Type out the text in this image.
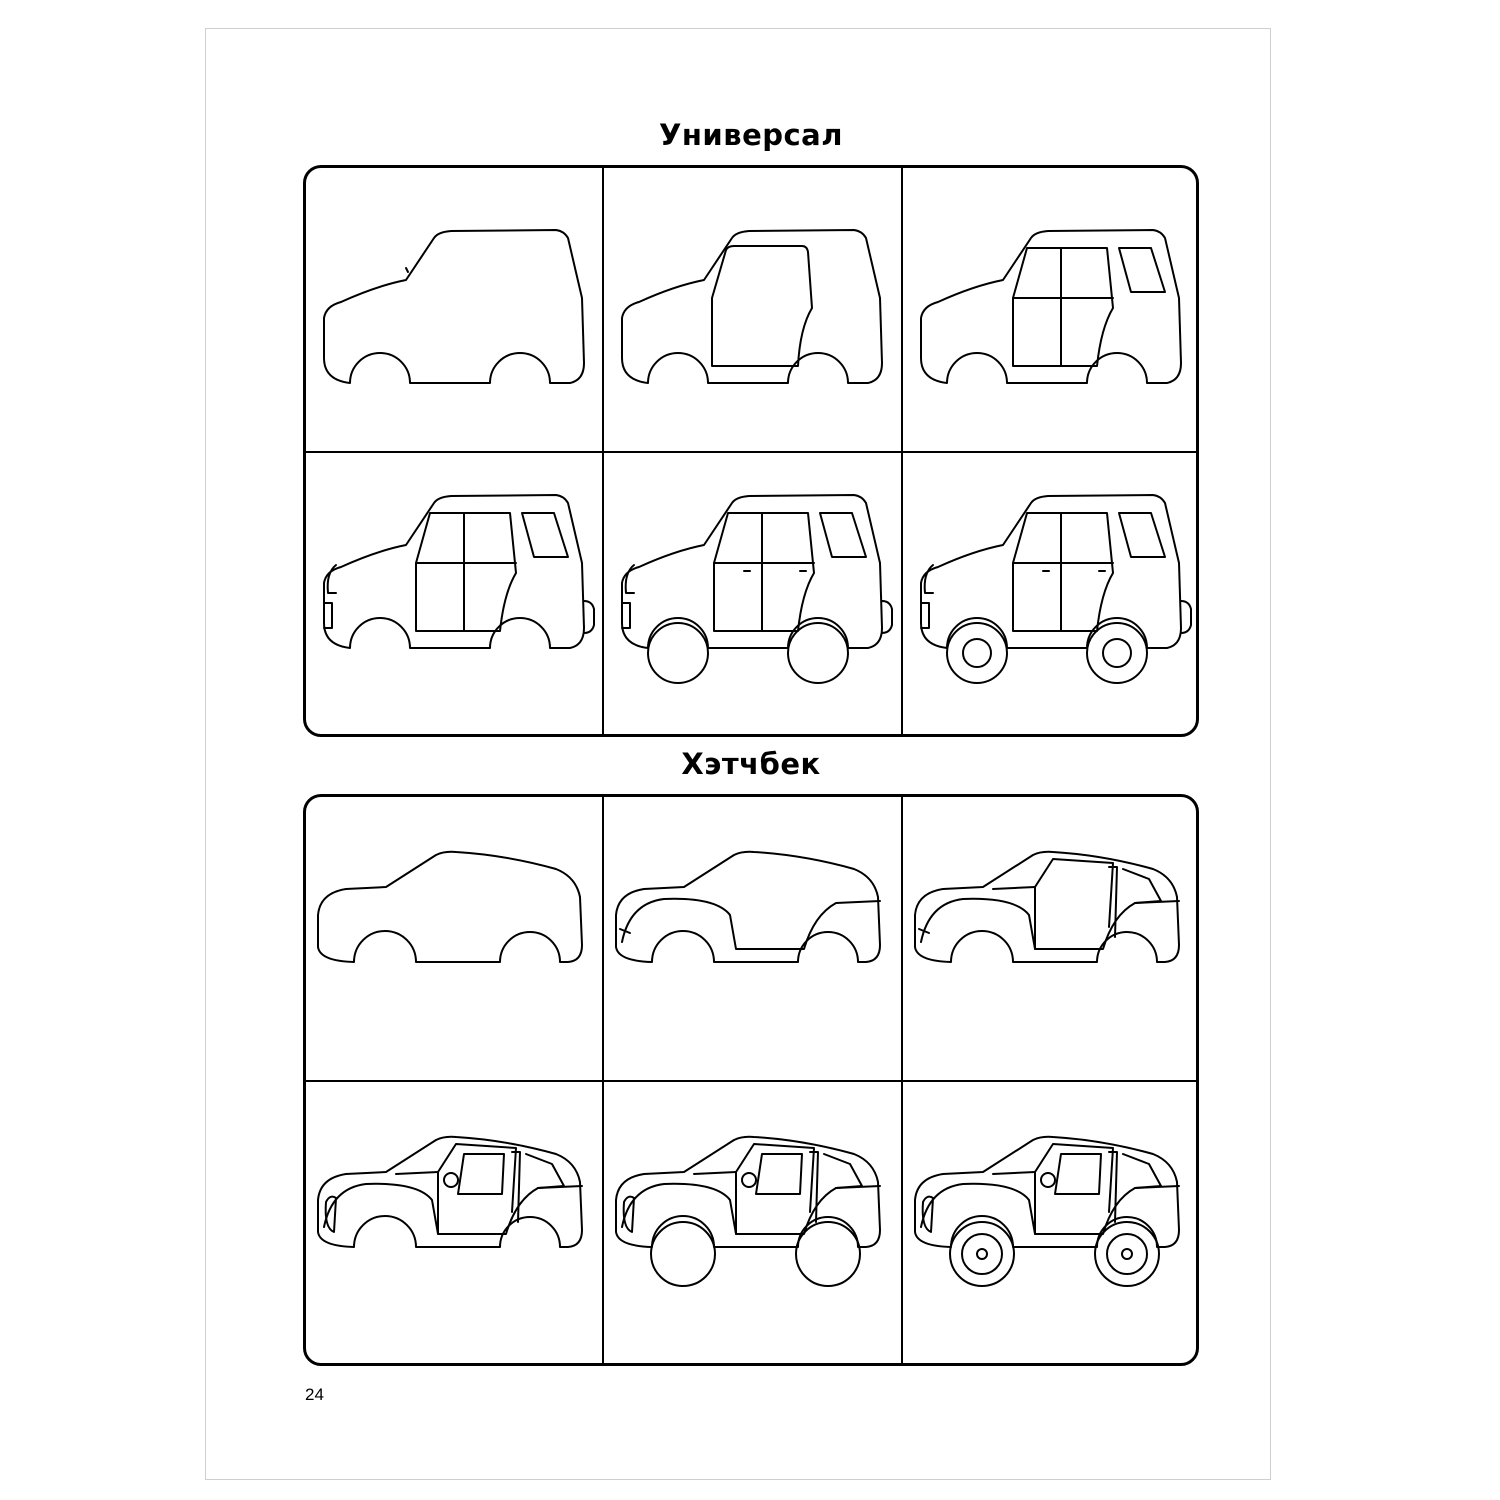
Универсал
Хэтчбек
24
